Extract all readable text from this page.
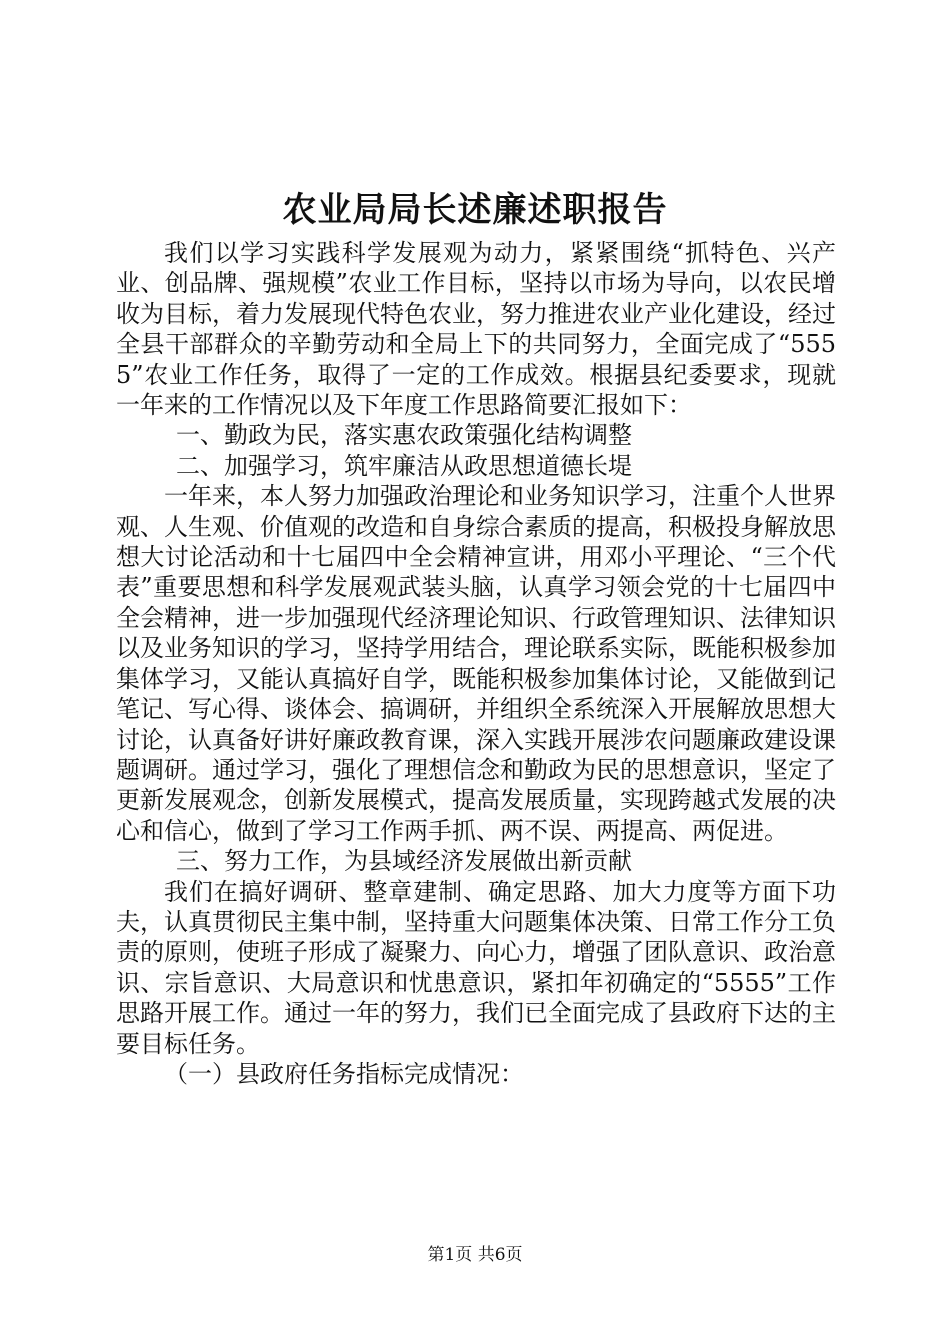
农业局局长述廉述职报告

我们以学习实践科学发展观为动力，紧紧围绕“抓特色、兴产业、创品牌、强规模”农业工作目标，坚持以市场为导向，以农民增收为目标，着力发展现代特色农业，努力推进农业产业化建设，经过全县干部群众的辛勤劳动和全局上下的共同努力，全面完成了“5555”农业工作任务，取得了一定的工作成效。根据县纪委要求，现就一年来的工作情况以及下年度工作思路简要汇报如下：

一、勤政为民，落实惠农政策强化结构调整

二、加强学习，筑牢廉洁从政思想道德长堤

一年来，本人努力加强政治理论和业务知识学习，注重个人世界观、人生观、价值观的改造和自身综合素质的提高，积极投身解放思想大讨论活动和十七届四中全会精神宣讲，用邓小平理论、“三个代表”重要思想和科学发展观武装头脑，认真学习领会党的十七届四中全会精神，进一步加强现代经济理论知识、行政管理知识、法律知识以及业务知识的学习，坚持学用结合，理论联系实际，既能积极参加集体学习，又能认真搞好自学，既能积极参加集体讨论，又能做到记笔记、写心得、谈体会、搞调研，并组织全系统深入开展解放思想大讨论，认真备好讲好廉政教育课，深入实践开展涉农问题廉政建设课题调研。通过学习，强化了理想信念和勤政为民的思想意识，坚定了更新发展观念，创新发展模式，提高发展质量，实现跨越式发展的决心和信心，做到了学习工作两手抓、两不误、两提高、两促进。

三、努力工作，为县域经济发展做出新贡献

我们在搞好调研、整章建制、确定思路、加大力度等方面下功夫，认真贯彻民主集中制，坚持重大问题集体决策、日常工作分工负责的原则，使班子形成了凝聚力、向心力，增强了团队意识、政治意识、宗旨意识、大局意识和忧患意识，紧扣年初确定的“5555”工作思路开展工作。通过一年的努力，我们已全面完成了县政府下达的主要目标任务。

（一）县政府任务指标完成情况：

第1页 共6页
